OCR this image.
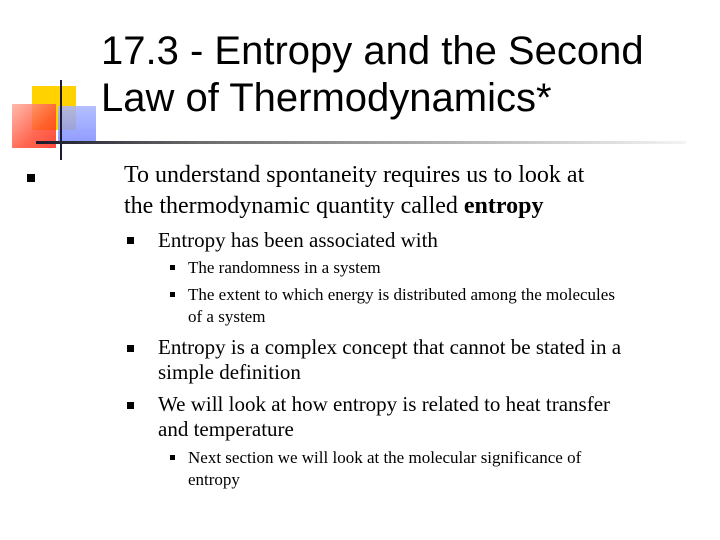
17.3 - Entropy and the Second
Law of Thermodynamics*
To understand spontaneity requires us to look at
the thermodynamic quantity called entropy
Entropy has been associated with
The randomness in a system
The extent to which energy is distributed among the molecules
of a system
Entropy is a complex concept that cannot be stated in a
simple definition
We will look at how entropy is related to heat transfer
and temperature
Next section we will look at the molecular significance of
entropy
